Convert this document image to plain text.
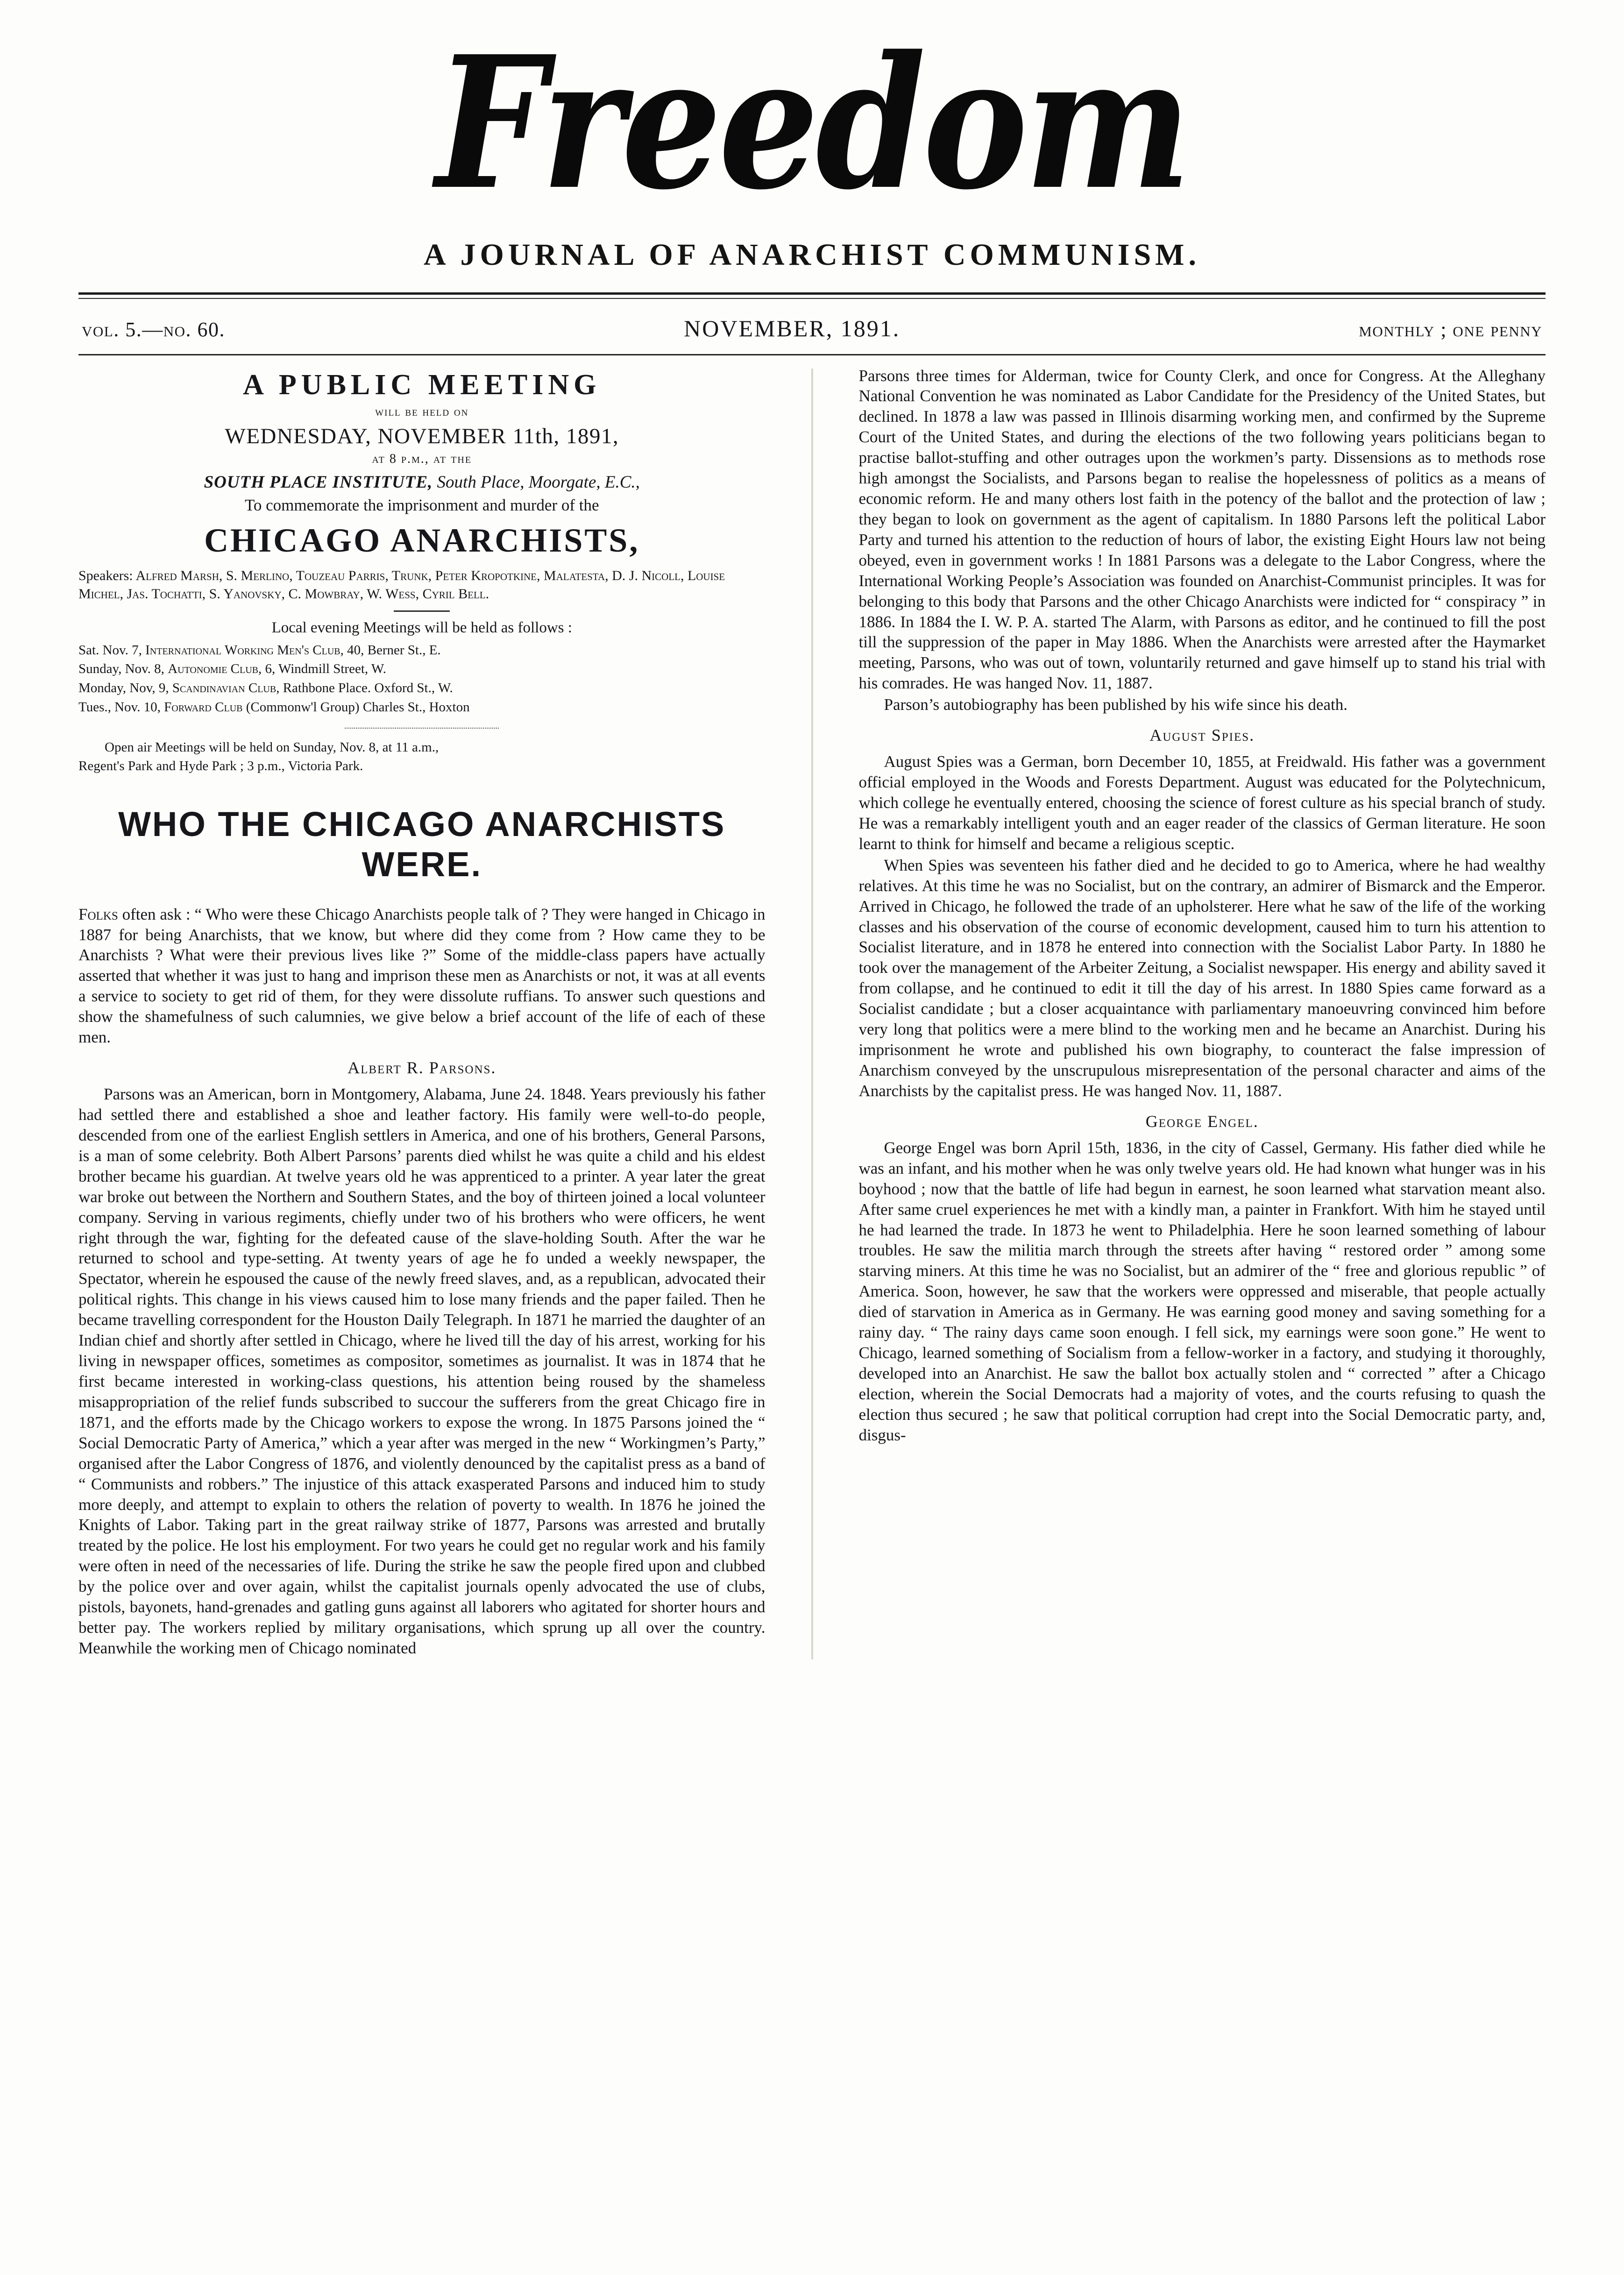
Freedom
A JOURNAL OF ANARCHIST COMMUNISM.
vol. 5.—no. 60.	NOVEMBER, 1891.	monthly ; one penny
A PUBLIC MEETING
will be held on
WEDNESDAY, NOVEMBER 11th, 1891,
at 8 p.m., at the
SOUTH PLACE INSTITUTE, South Place, Moorgate, E.C.,
To commemorate the imprisonment and murder of the
CHICAGO ANARCHISTS,
Speakers: Alfred Marsh, S. Merlino, Touzeau Parris, Trunk, Peter Kropotkine, Malatesta, D. J. Nicoll, Louise Michel, Jas. Tochatti, S. Yanovsky, C. Mowbray, W. Wess, Cyril Bell.
Local evening Meetings will be held as follows :
Sat. Nov. 7, International Working Men's Club, 40, Berner St., E.
Sunday, Nov. 8, Autonomie Club, 6, Windmill Street, W.
Monday, Nov, 9, Scandinavian Club, Rathbone Place. Oxford St., W.
Tues., Nov. 10, Forward Club (Commonw'l Group) Charles St., Hoxton
Open air Meetings will be held on Sunday, Nov. 8, at 11 a.m.,
Regent's Park and Hyde Park ; 3 p.m., Victoria Park.
WHO THE CHICAGO ANARCHISTS WERE.

Folks often ask : “ Who were these Chicago Anarchists people talk of ? They were hanged in Chicago in 1887 for being Anarchists, that we know, but where did they come from ? How came they to be Anarchists ? What were their previous lives like ?” Some of the middle-class papers have actually asserted that whether it was just to hang and imprison these men as Anarchists or not, it was at all events a service to society to get rid of them, for they were dissolute ruffians. To answer such questions and show the shamefulness of such calumnies, we give below a brief account of the life of each of these men.

Albert R. Parsons.

Parsons was an American, born in Montgomery, Alabama, June 24. 1848. Years previously his father had settled there and established a shoe and leather factory. His family were well-to-do people, descended from one of the earliest English settlers in America, and one of his brothers, General Parsons, is a man of some celebrity. Both Albert Parsons’ parents died whilst he was quite a child and his eldest brother became his guardian. At twelve years old he was apprenticed to a printer. A year later the great war broke out between the Northern and Southern States, and the boy of thirteen joined a local volunteer company. Serving in various regiments, chiefly under two of his brothers who were officers, he went right through the war, fighting for the defeated cause of the slave-holding South. After the war he returned to school and type-setting. At twenty years of age he fo unded a weekly newspaper, the Spectator, wherein he espoused the cause of the newly freed slaves, and, as a republican, advocated their political rights. This change in his views caused him to lose many friends and the paper failed. Then he became travelling correspondent for the Houston Daily Telegraph. In 1871 he married the daughter of an Indian chief and shortly after settled in Chicago, where he lived till the day of his arrest, working for his living in newspaper offices, sometimes as compositor, sometimes as journalist. It was in 1874 that he first became interested in working-class questions, his attention being roused by the shameless misappropriation of the relief funds subscribed to succour the sufferers from the great Chicago fire in 1871, and the efforts made by the Chicago workers to expose the wrong. In 1875 Parsons joined the “ Social Democratic Party of America,” which a year after was merged in the new “ Workingmen’s Party,” organised after the Labor Congress of 1876, and violently denounced by the capitalist press as a band of “ Communists and robbers.” The injustice of this attack exasperated Parsons and induced him to study more deeply, and attempt to explain to others the relation of poverty to wealth. In 1876 he joined the Knights of Labor. Taking part in the great railway strike of 1877, Parsons was arrested and brutally treated by the police. He lost his employment. For two years he could get no regular work and his family were often in need of the necessaries of life. During the strike he saw the people fired upon and clubbed by the police over and over again, whilst the capitalist journals openly advocated the use of clubs, pistols, bayonets, hand-grenades and gatling guns against all laborers who agitated for shorter hours and better pay. The workers replied by military organisations, which sprung up all over the country. Meanwhile the working men of Chicago nominated

Parsons three times for Alderman, twice for County Clerk, and once for Congress. At the Alleghany National Convention he was nominated as Labor Candidate for the Presidency of the United States, but declined. In 1878 a law was passed in Illinois disarming working men, and confirmed by the Supreme Court of the United States, and during the elections of the two following years politicians began to practise ballot-stuffing and other outrages upon the workmen’s party. Dissensions as to methods rose high amongst the Socialists, and Parsons began to realise the hopelessness of politics as a means of economic reform. He and many others lost faith in the potency of the ballot and the protection of law ; they began to look on government as the agent of capitalism. In 1880 Parsons left the political Labor Party and turned his attention to the reduction of hours of labor, the existing Eight Hours law not being obeyed, even in government works ! In 1881 Parsons was a delegate to the Labor Congress, where the International Working People’s Association was founded on Anarchist-Communist principles. It was for belonging to this body that Parsons and the other Chicago Anarchists were indicted for “ conspiracy ” in 1886. In 1884 the I. W. P. A. started The Alarm, with Parsons as editor, and he continued to fill the post till the suppression of the paper in May 1886. When the Anarchists were arrested after the Haymarket meeting, Parsons, who was out of town, voluntarily returned and gave himself up to stand his trial with his comrades. He was hanged Nov. 11, 1887.

Parson’s autobiography has been published by his wife since his death.

August Spies.

August Spies was a German, born December 10, 1855, at Freidwald. His father was a government official employed in the Woods and Forests Department. August was educated for the Polytechnicum, which college he eventually entered, choosing the science of forest culture as his special branch of study. He was a remarkably intelligent youth and an eager reader of the classics of German literature. He soon learnt to think for himself and became a religious sceptic.

When Spies was seventeen his father died and he decided to go to America, where he had wealthy relatives. At this time he was no Socialist, but on the contrary, an admirer of Bismarck and the Emperor. Arrived in Chicago, he followed the trade of an upholsterer. Here what he saw of the life of the working classes and his observation of the course of economic development, caused him to turn his attention to Socialist literature, and in 1878 he entered into connection with the Socialist Labor Party. In 1880 he took over the management of the Arbeiter Zeitung, a Socialist newspaper. His energy and ability saved it from collapse, and he continued to edit it till the day of his arrest. In 1880 Spies came forward as a Socialist candidate ; but a closer acquaintance with parliamentary manoeuvring convinced him before very long that politics were a mere blind to the working men and he became an Anarchist. During his imprisonment he wrote and published his own biography, to counteract the false impression of Anarchism conveyed by the unscrupulous misrepresentation of the personal character and aims of the Anarchists by the capitalist press. He was hanged Nov. 11, 1887.

George Engel.

George Engel was born April 15th, 1836, in the city of Cassel, Germany. His father died while he was an infant, and his mother when he was only twelve years old. He had known what hunger was in his boyhood ; now that the battle of life had begun in earnest, he soon learned what starvation meant also. After same cruel experiences he met with a kindly man, a painter in Frankfort. With him he stayed until he had learned the trade. In 1873 he went to Philadelphia. Here he soon learned something of labour troubles. He saw the militia march through the streets after having “ restored order ” among some starving miners. At this time he was no Socialist, but an admirer of the “ free and glorious republic ” of America. Soon, however, he saw that the workers were oppressed and miserable, that people actually died of starvation in America as in Germany. He was earning good money and saving something for a rainy day. “ The rainy days came soon enough. I fell sick, my earnings were soon gone.” He went to Chicago, learned something of Socialism from a fellow-worker in a factory, and studying it thoroughly, developed into an Anarchist. He saw the ballot box actually stolen and “ corrected ” after a Chicago election, wherein the Social Democrats had a majority of votes, and the courts refusing to quash the election thus secured ; he saw that political corruption had crept into the Social Democratic party, and, disgus-
